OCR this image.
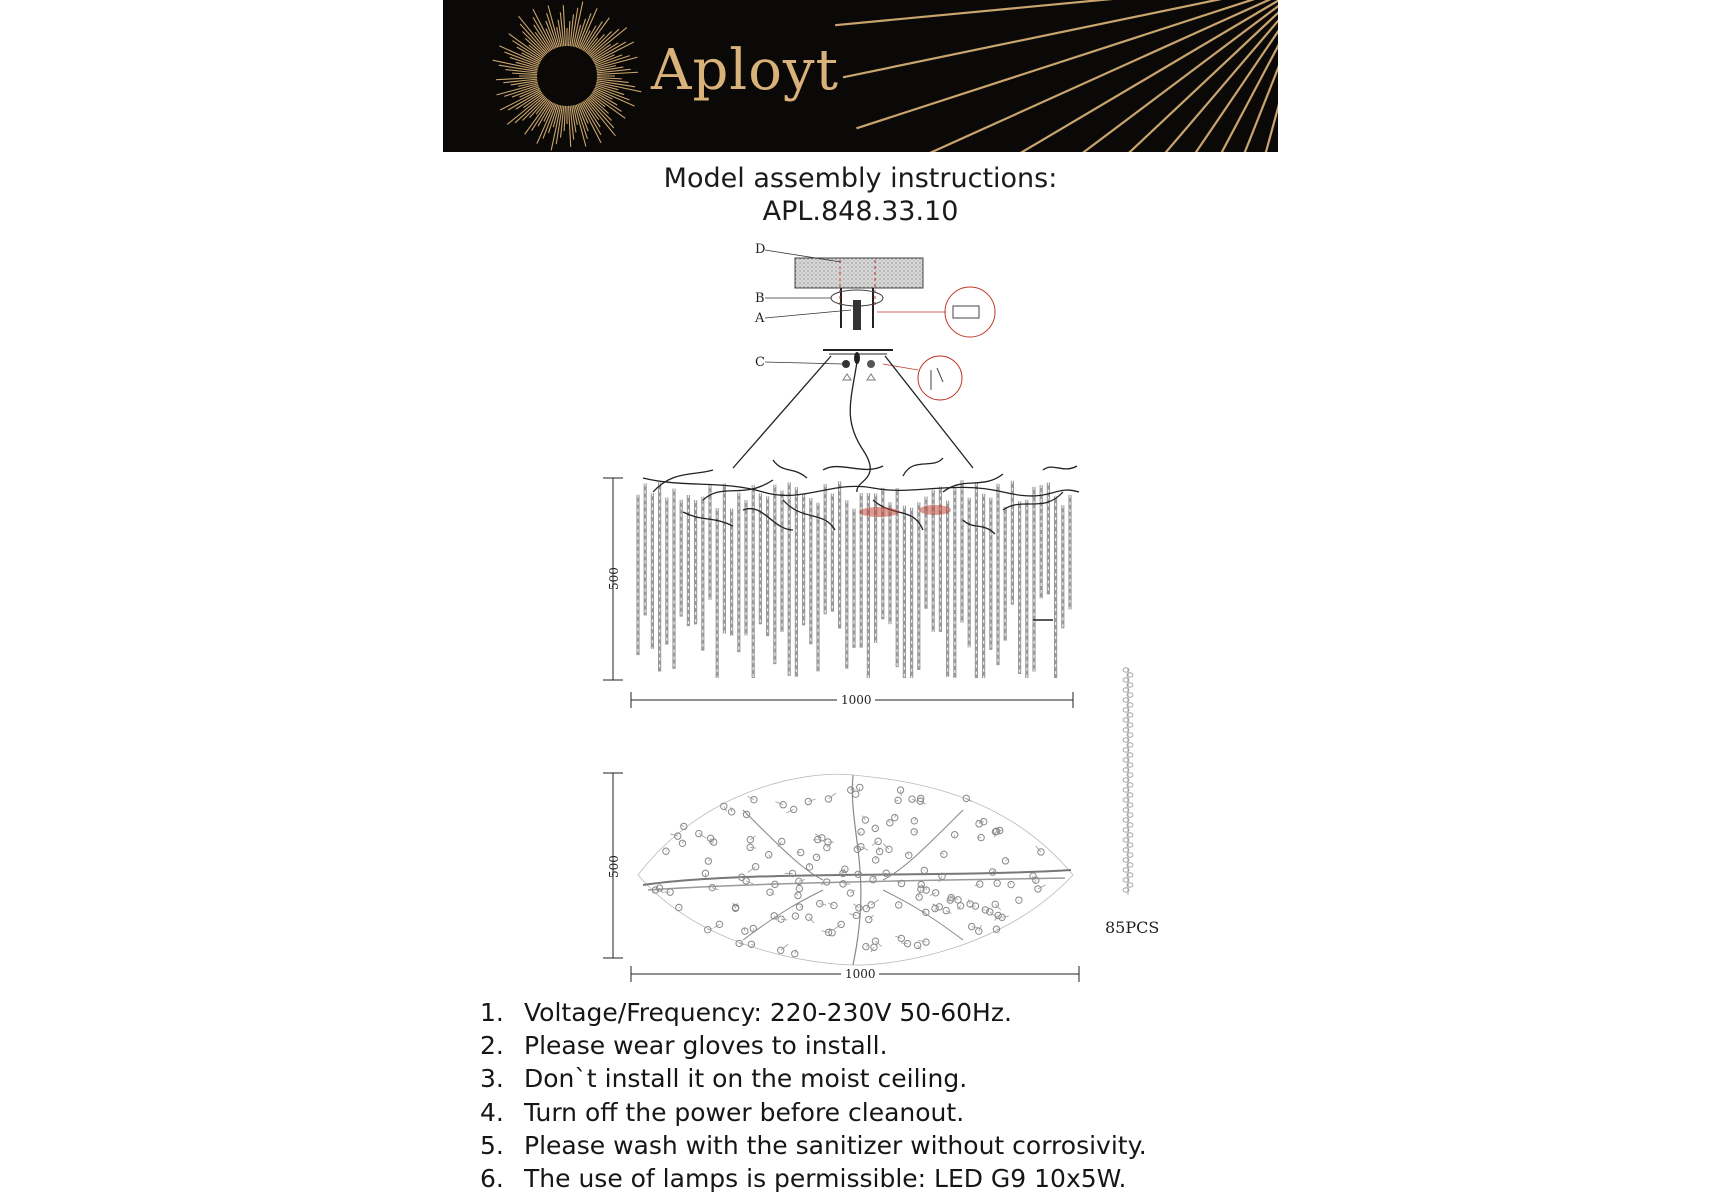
Aployt
Model assembly instructions:
APL.848.33.10
D
B
A
C
500
1000
500
1000
85PCS
1. Voltage/Frequency: 220-230V 50-60Hz.
2. Please wear gloves to install.
3. Don`t install it on the moist ceiling.
4. Turn off the power before cleanout.
5. Please wash with the sanitizer without corrosivity.
6. The use of lamps is permissible: LED G9 10x5W.
